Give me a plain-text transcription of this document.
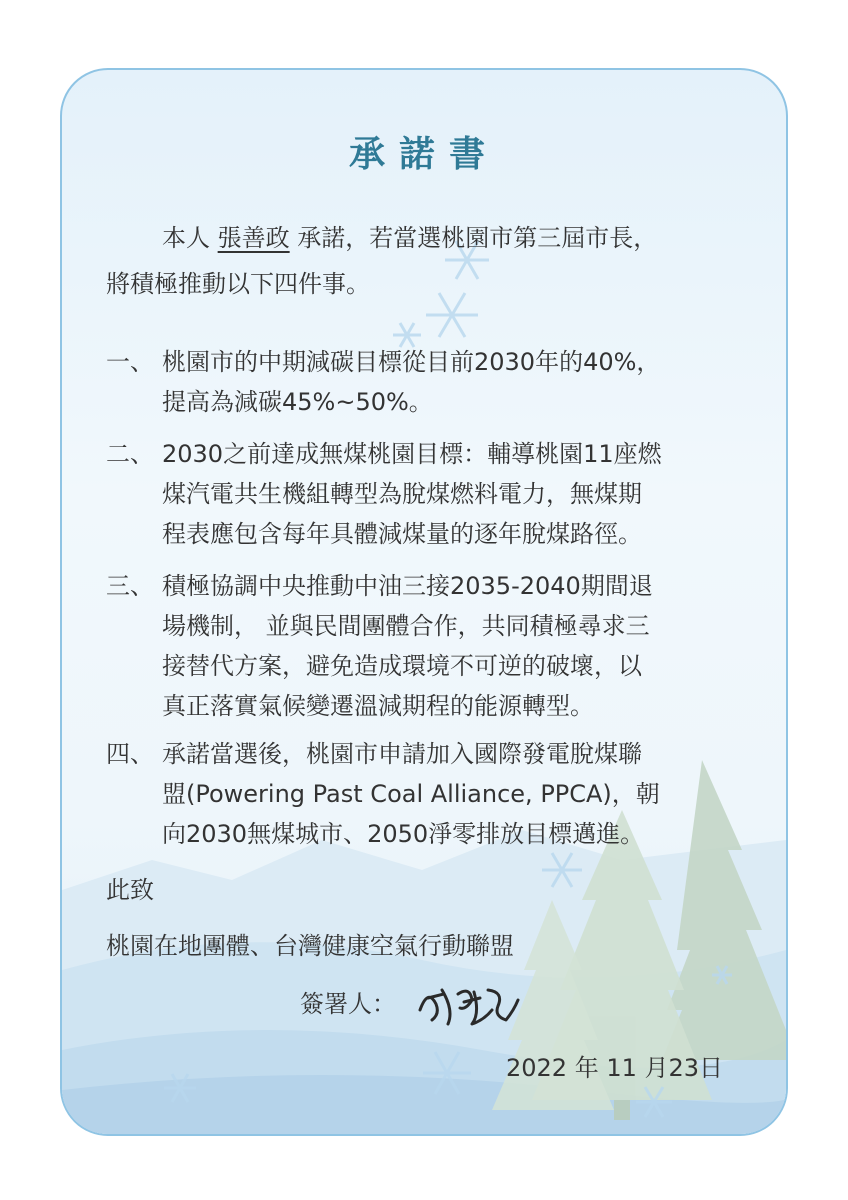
承諾書
本人 張善政 承諾，若當選桃園市第三屆市長，
將積極推動以下四件事。
一、 桃園市的中期減碳目標從目前2030年的40%，
提高為減碳45%~50%。
二、 2030之前達成無煤桃園目標：輔導桃園11座燃
煤汽電共生機組轉型為脫煤燃料電力，無煤期
程表應包含每年具體減煤量的逐年脫煤路徑。
三、 積極協調中央推動中油三接2035-2040期間退
場機制， 並與民間團體合作，共同積極尋求三
接替代方案，避免造成環境不可逆的破壞，以
真正落實氣候變遷溫減期程的能源轉型。
四、 承諾當選後，桃園市申請加入國際發電脫煤聯
盟(Powering Past Coal Alliance, PPCA)，朝
向2030無煤城市、2050淨零排放目標邁進。
此致
桃園在地團體、台灣健康空氣行動聯盟
簽署人：
2022 年 11 月23日
